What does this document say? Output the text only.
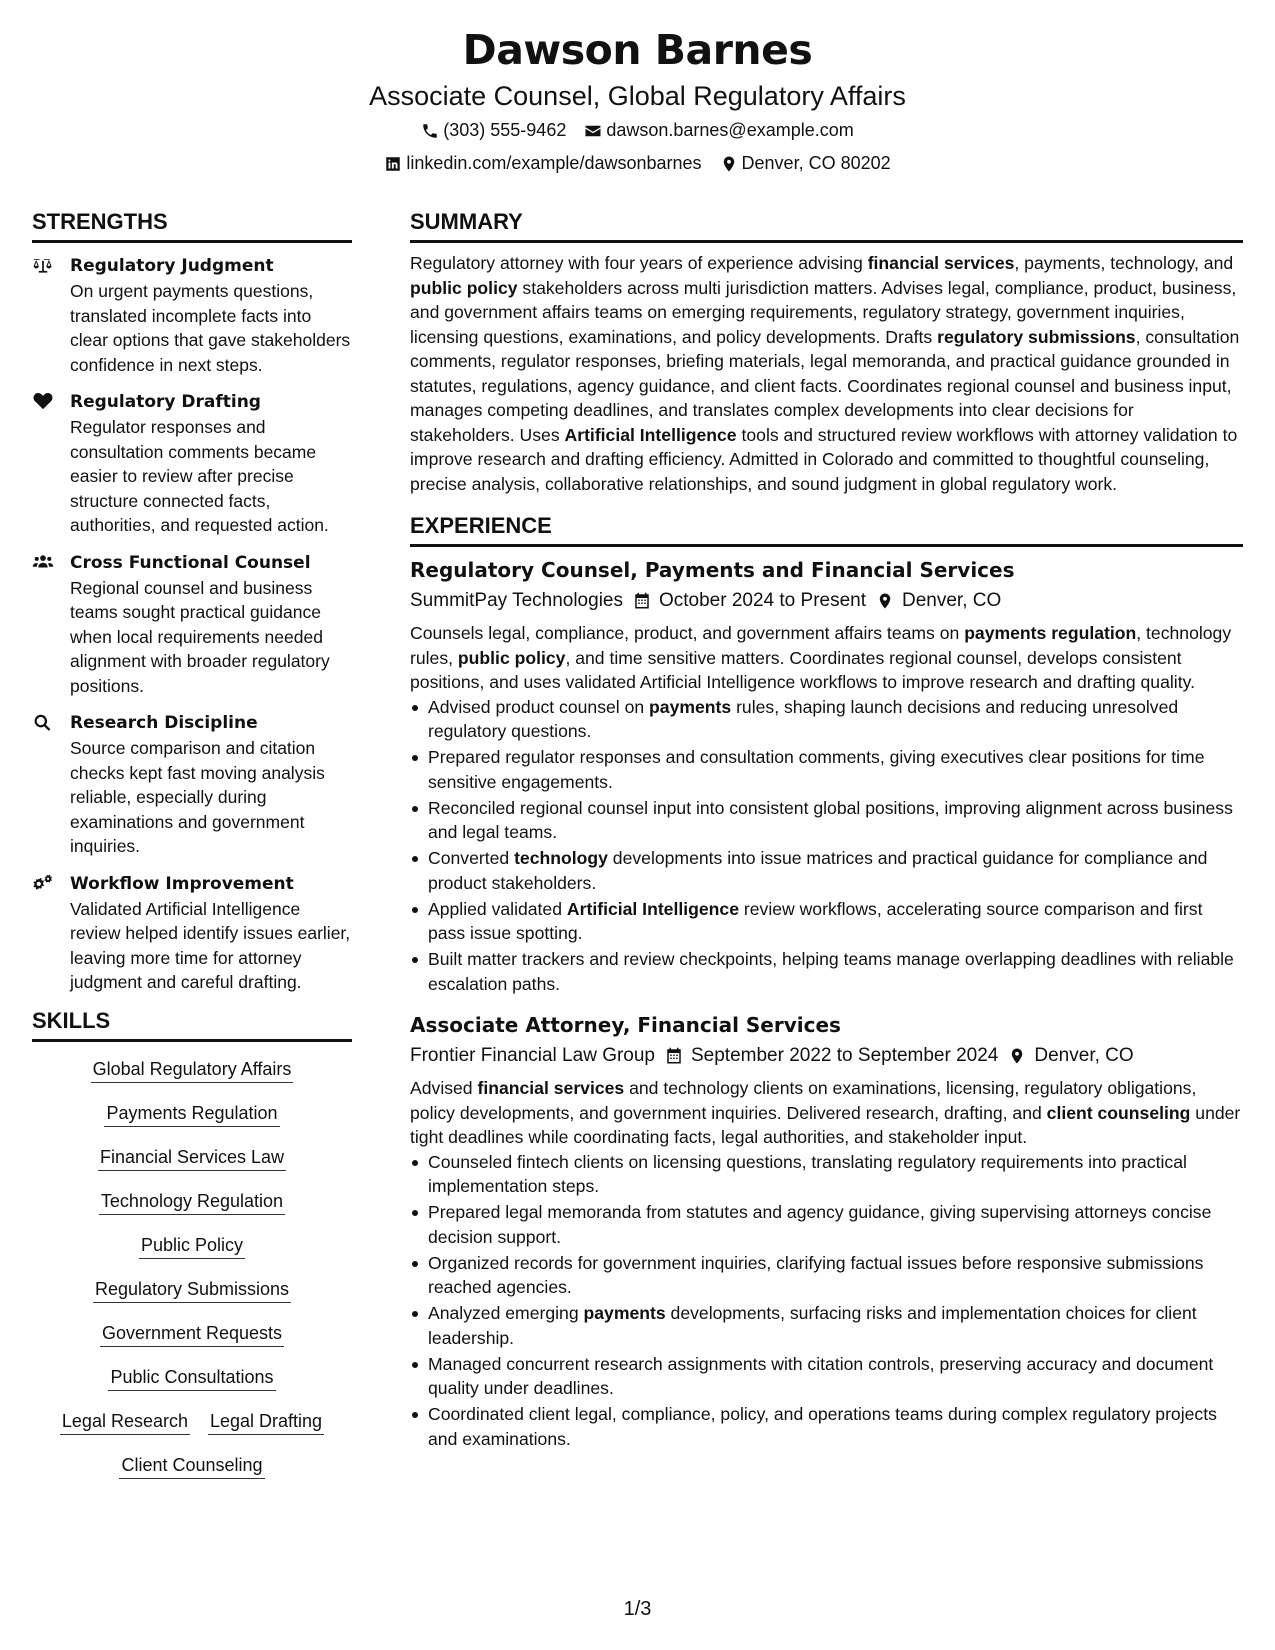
Dawson Barnes
Associate Counsel, Global Regulatory Affairs
(303) 555-9462 dawson.barnes@example.com
linkedin.com/example/dawsonbarnes Denver, CO 80202
STRENGTHS
Regulatory Judgment
On urgent payments questions, translated incomplete facts into clear options that gave stakeholders confidence in next steps.
Regulatory Drafting
Regulator responses and consultation comments became easier to review after precise structure connected facts, authorities, and requested action.
Cross Functional Counsel
Regional counsel and business teams sought practical guidance when local requirements needed alignment with broader regulatory positions.
Research Discipline
Source comparison and citation checks kept fast moving analysis reliable, especially during examinations and government inquiries.
Workflow Improvement
Validated Artificial Intelligence review helped identify issues earlier, leaving more time for attorney judgment and careful drafting.
SKILLS
Global Regulatory Affairs
Payments Regulation
Financial Services Law
Technology Regulation
Public Policy
Regulatory Submissions
Government Requests
Public Consultations
Legal Research Legal Drafting
Client Counseling
SUMMARY
Regulatory attorney with four years of experience advising financial services, payments, technology, and public policy stakeholders across multi jurisdiction matters. Advises legal, compliance, product, business, and government affairs teams on emerging requirements, regulatory strategy, government inquiries, licensing questions, examinations, and policy developments. Drafts regulatory submissions, consultation comments, regulator responses, briefing materials, legal memoranda, and practical guidance grounded in statutes, regulations, agency guidance, and client facts. Coordinates regional counsel and business input, manages competing deadlines, and translates complex developments into clear decisions for stakeholders. Uses Artificial Intelligence tools and structured review workflows with attorney validation to improve research and drafting efficiency. Admitted in Colorado and committed to thoughtful counseling, precise analysis, collaborative relationships, and sound judgment in global regulatory work.
EXPERIENCE
Regulatory Counsel, Payments and Financial Services
SummitPay Technologies October 2024 to Present Denver, CO
Counsels legal, compliance, product, and government affairs teams on payments regulation, technology rules, public policy, and time sensitive matters. Coordinates regional counsel, develops consistent positions, and uses validated Artificial Intelligence workflows to improve research and drafting quality.
Advised product counsel on payments rules, shaping launch decisions and reducing unresolved regulatory questions.
Prepared regulator responses and consultation comments, giving executives clear positions for time sensitive engagements.
Reconciled regional counsel input into consistent global positions, improving alignment across business and legal teams.
Converted technology developments into issue matrices and practical guidance for compliance and product stakeholders.
Applied validated Artificial Intelligence review workflows, accelerating source comparison and first pass issue spotting.
Built matter trackers and review checkpoints, helping teams manage overlapping deadlines with reliable escalation paths.
Associate Attorney, Financial Services
Frontier Financial Law Group September 2022 to September 2024 Denver, CO
Advised financial services and technology clients on examinations, licensing, regulatory obligations, policy developments, and government inquiries. Delivered research, drafting, and client counseling under tight deadlines while coordinating facts, legal authorities, and stakeholder input.
Counseled fintech clients on licensing questions, translating regulatory requirements into practical implementation steps.
Prepared legal memoranda from statutes and agency guidance, giving supervising attorneys concise decision support.
Organized records for government inquiries, clarifying factual issues before responsive submissions reached agencies.
Analyzed emerging payments developments, surfacing risks and implementation choices for client leadership.
Managed concurrent research assignments with citation controls, preserving accuracy and document quality under deadlines.
Coordinated client legal, compliance, policy, and operations teams during complex regulatory projects and examinations.
1/3
